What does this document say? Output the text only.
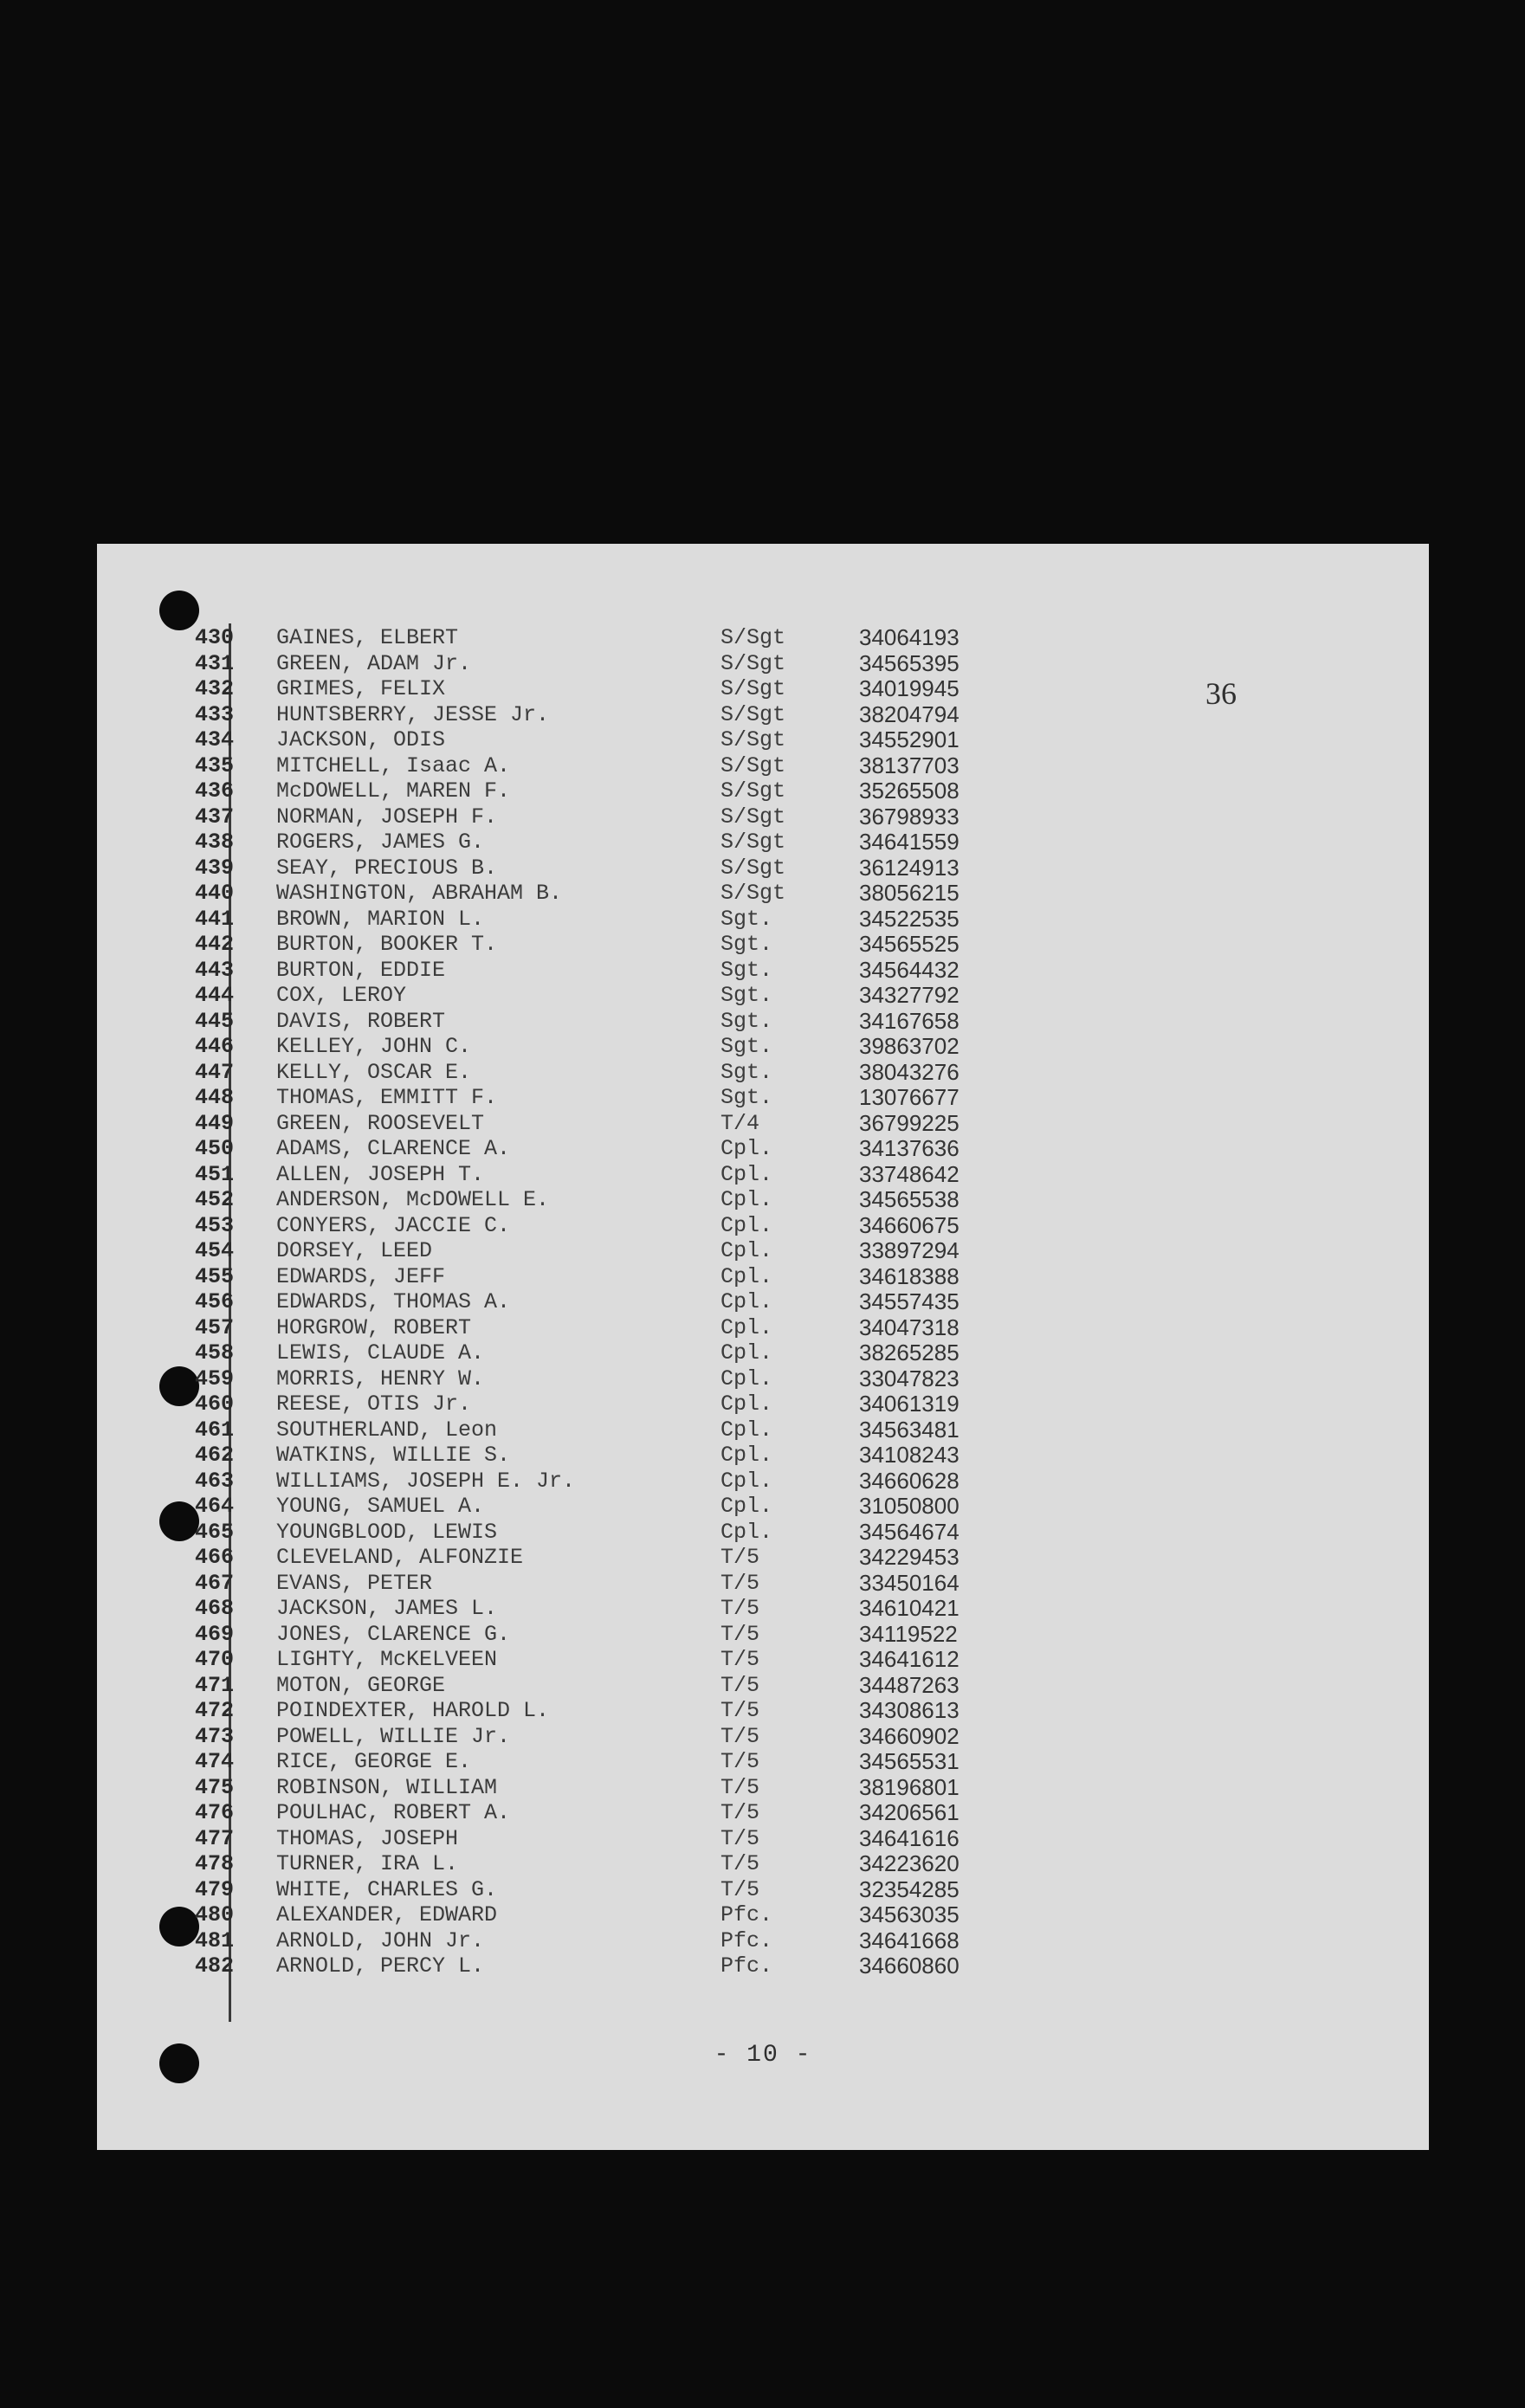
36
430 GAINES, ELBERT	S/Sgt	34064193
431 GREEN, ADAM Jr.	S/Sgt	34565395
432 GRIMES, FELIX	S/Sgt	34019945
433 HUNTSBERRY, JESSE Jr.	S/Sgt	38204794
434 JACKSON, ODIS	S/Sgt	34552901
435 MITCHELL, Isaac A.	S/Sgt	38137703
436 McDOWELL, MAREN F.	S/Sgt	35265508
437 NORMAN, JOSEPH F.	S/Sgt	36798933
438 ROGERS, JAMES G.	S/Sgt	34641559
439 SEAY, PRECIOUS B.	S/Sgt	36124913
440 WASHINGTON, ABRAHAM B.	S/Sgt	38056215
441 BROWN, MARION L.	Sgt.	34522535
442 BURTON, BOOKER T.	Sgt.	34565525
443 BURTON, EDDIE	Sgt.	34564432
444 COX, LEROY	Sgt.	34327792
445 DAVIS, ROBERT	Sgt.	34167658
446 KELLEY, JOHN C.	Sgt.	39863702
447 KELLY, OSCAR E.	Sgt.	38043276
448 THOMAS, EMMITT F.	Sgt.	13076677
449 GREEN, ROOSEVELT	T/4	36799225
450 ADAMS, CLARENCE A.	Cpl.	34137636
451 ALLEN, JOSEPH T.	Cpl.	33748642
452 ANDERSON, McDOWELL E.	Cpl.	34565538
453 CONYERS, JACCIE C.	Cpl.	34660675
454 DORSEY, LEED	Cpl.	33897294
455 EDWARDS, JEFF	Cpl.	34618388
456 EDWARDS, THOMAS A.	Cpl.	34557435
457 HORGROW, ROBERT	Cpl.	34047318
458 LEWIS, CLAUDE A.	Cpl.	38265285
459 MORRIS, HENRY W.	Cpl.	33047823
460 REESE, OTIS Jr.	Cpl.	34061319
461 SOUTHERLAND, Leon	Cpl.	34563481
462 WATKINS, WILLIE S.	Cpl.	34108243
463 WILLIAMS, JOSEPH E. Jr.	Cpl.	34660628
464 YOUNG, SAMUEL A.	Cpl.	31050800
465 YOUNGBLOOD, LEWIS	Cpl.	34564674
466 CLEVELAND, ALFONZIE	T/5	34229453
467 EVANS, PETER	T/5	33450164
468 JACKSON, JAMES L.	T/5	34610421
469 JONES, CLARENCE G.	T/5	34119522
470 LIGHTY, McKELVEEN	T/5	34641612
471 MOTON, GEORGE	T/5	34487263
472 POINDEXTER, HAROLD L.	T/5	34308613
473 POWELL, WILLIE Jr.	T/5	34660902
474 RICE, GEORGE E.	T/5	34565531
475 ROBINSON, WILLIAM	T/5	38196801
476 POULHAC, ROBERT A.	T/5	34206561
477 THOMAS, JOSEPH	T/5	34641616
478 TURNER, IRA L.	T/5	34223620
479 WHITE, CHARLES G.	T/5	32354285
480 ALEXANDER, EDWARD	Pfc.	34563035
481 ARNOLD, JOHN Jr.	Pfc.	34641668
482 ARNOLD, PERCY L.	Pfc.	34660860
- 10 -
